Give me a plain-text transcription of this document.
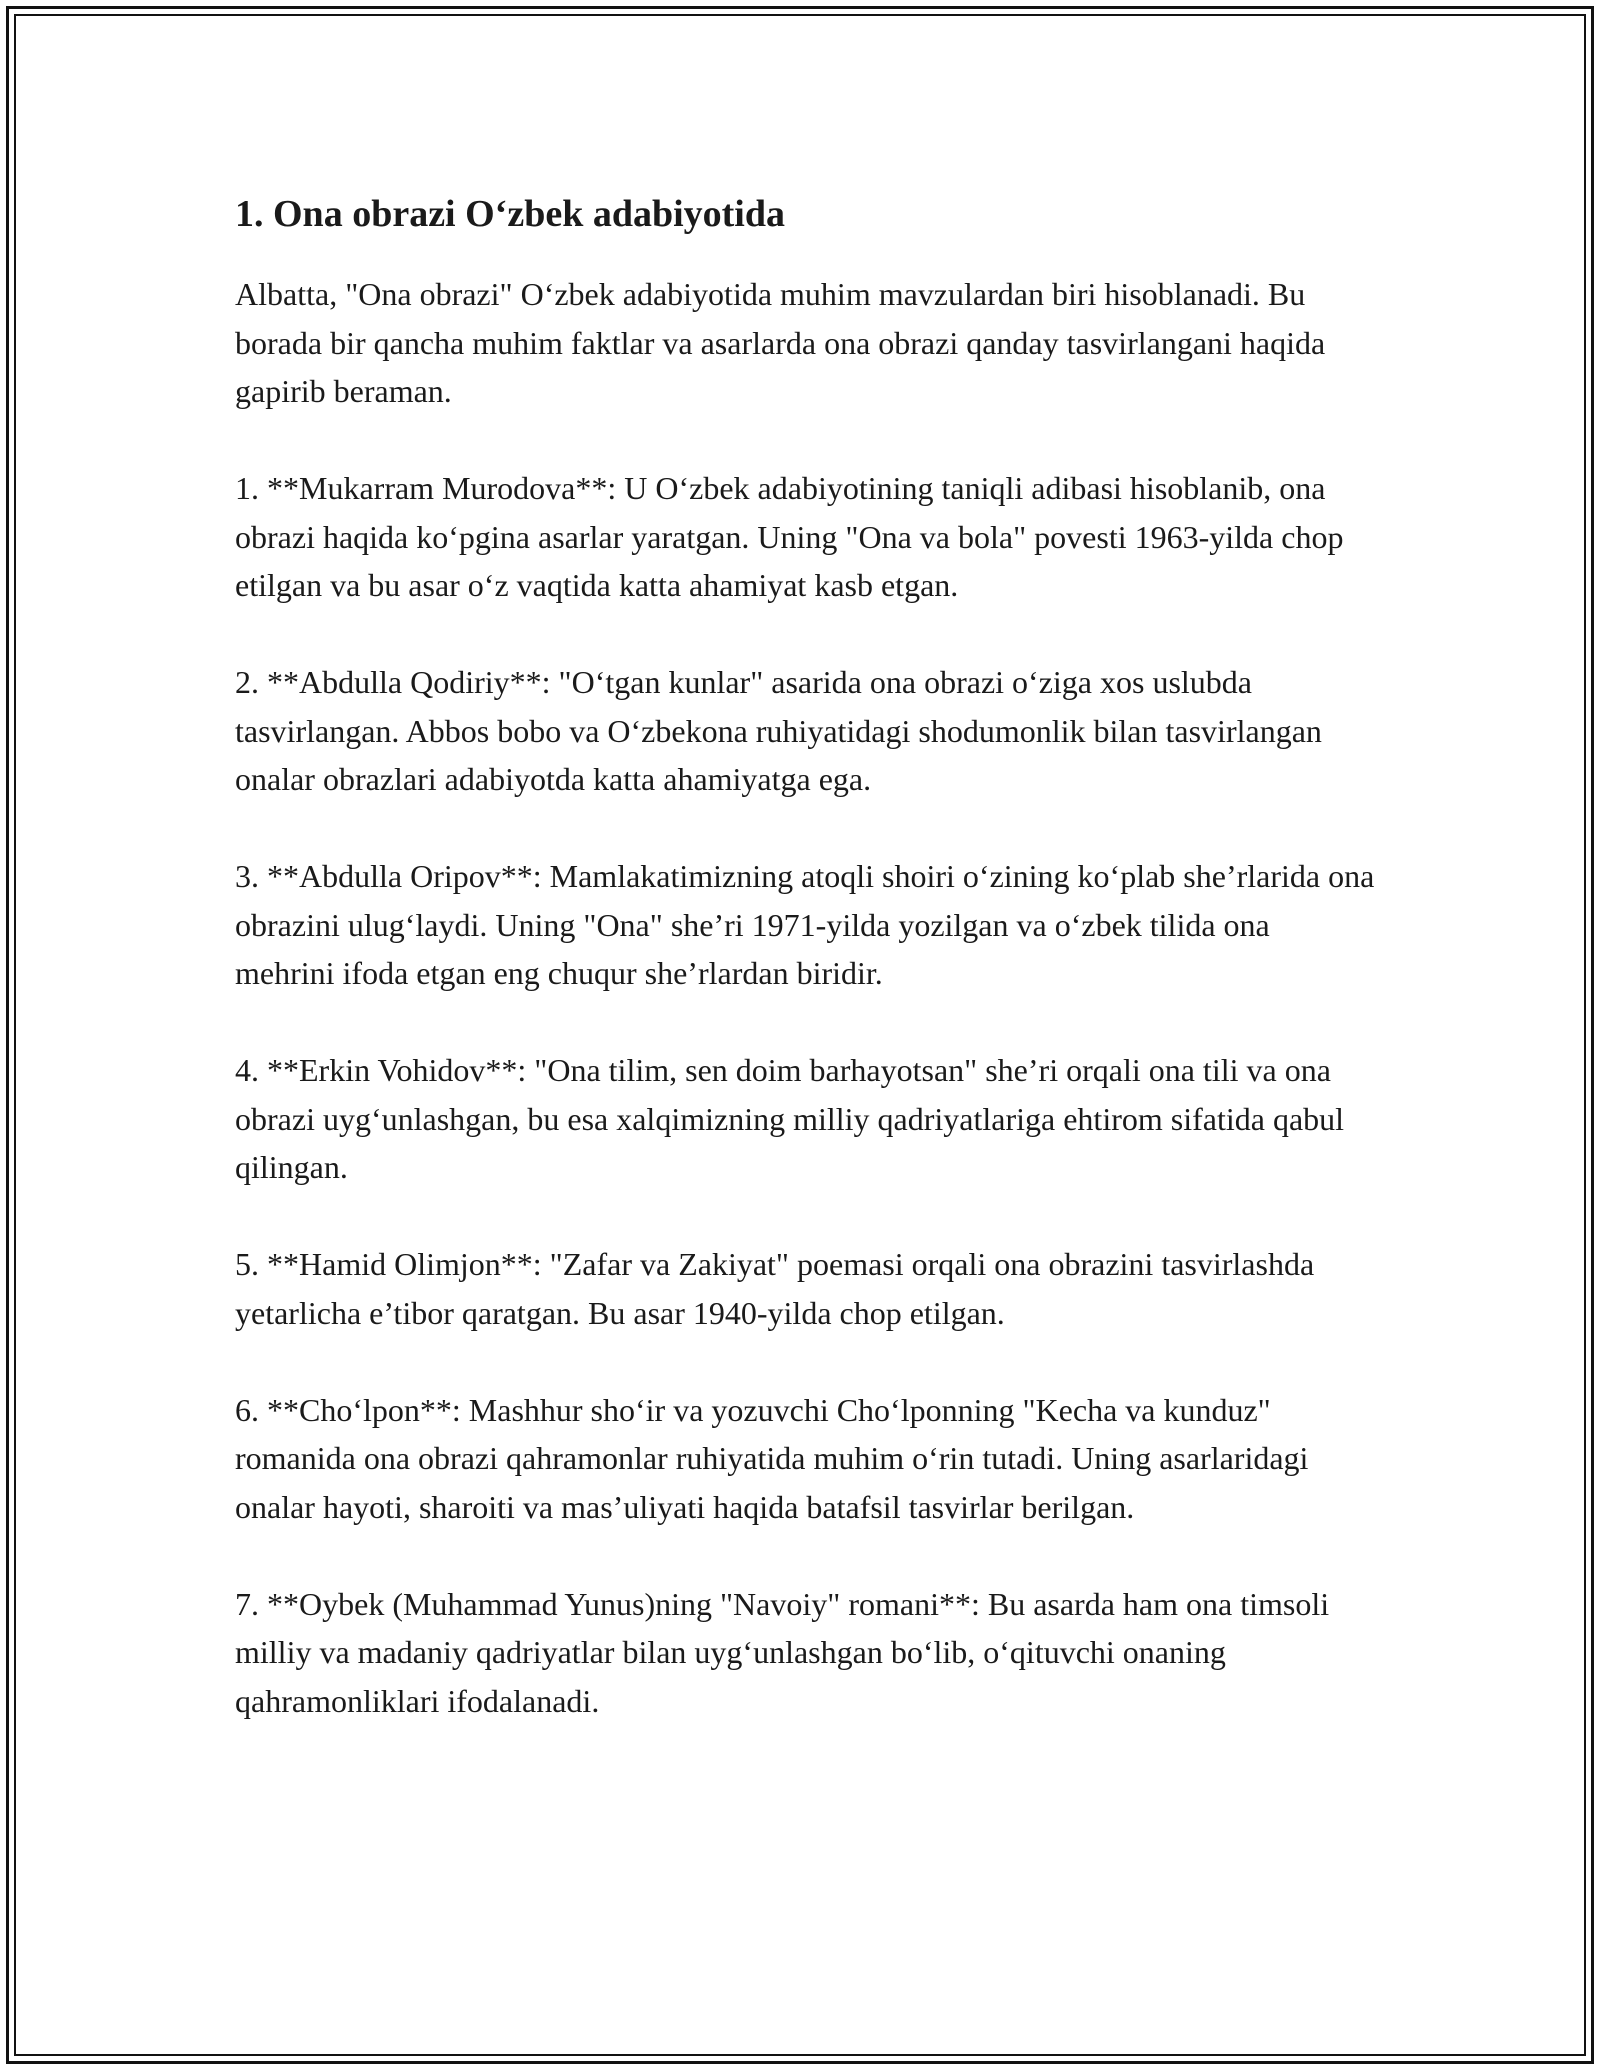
1. Ona obrazi O‘zbek adabiyotida

Albatta, "Ona obrazi" O‘zbek adabiyotida muhim mavzulardan biri hisoblanadi. Bu borada bir qancha muhim faktlar va asarlarda ona obrazi qanday tasvirlangani haqida gapirib beraman.

1. **Mukarram Murodova**: U O‘zbek adabiyotining taniqli adibasi hisoblanib, ona obrazi haqida ko‘pgina asarlar yaratgan. Uning "Ona va bola" povesti 1963-yilda chop etilgan va bu asar o‘z vaqtida katta ahamiyat kasb etgan.

2. **Abdulla Qodiriy**: "O‘tgan kunlar" asarida ona obrazi o‘ziga xos uslubda tasvirlangan. Abbos bobo va O‘zbekona ruhiyatidagi shodumonlik bilan tasvirlangan onalar obrazlari adabiyotda katta ahamiyatga ega.

3. **Abdulla Oripov**: Mamlakatimizning atoqli shoiri o‘zining ko‘plab she’rlarida ona obrazini ulug‘laydi. Uning "Ona" she’ri 1971-yilda yozilgan va o‘zbek tilida ona mehrini ifoda etgan eng chuqur she’rlardan biridir.

4. **Erkin Vohidov**: "Ona tilim, sen doim barhayotsan" she’ri orqali ona tili va ona obrazi uyg‘unlashgan, bu esa xalqimizning milliy qadriyatlariga ehtirom sifatida qabul qilingan.

5. **Hamid Olimjon**: "Zafar va Zakiyat" poemasi orqali ona obrazini tasvirlashda yetarlicha e’tibor qaratgan. Bu asar 1940-yilda chop etilgan.

6. **Cho‘lpon**: Mashhur sho‘ir va yozuvchi Cho‘lponning "Kecha va kunduz" romanida ona obrazi qahramonlar ruhiyatida muhim o‘rin tutadi. Uning asarlaridagi onalar hayoti, sharoiti va mas’uliyati haqida batafsil tasvirlar berilgan.

7. **Oybek (Muhammad Yunus)ning "Navoiy" romani**: Bu asarda ham ona timsoli milliy va madaniy qadriyatlar bilan uyg‘unlashgan bo‘lib, o‘qituvchi onaning qahramonliklari ifodalanadi.
